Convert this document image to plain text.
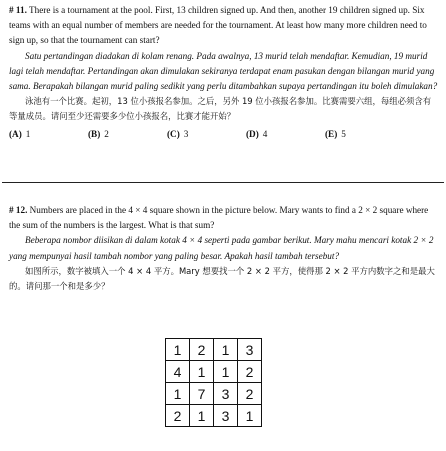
# 11. There is a tournament at the pool. First, 13 children signed up. And then, another 19 children signed up. Six teams with an equal number of members are needed for the tournament. At least how many more children need to sign up, so that the tournament can start?

Satu pertandingan diadakan di kolam renang. Pada awalnya, 13 murid telah mendaftar. Kemudian, 19 murid lagi telah mendaftar. Pertandingan akan dimulakan sekiranya terdapat enam pasukan dengan bilangan murid yang sama. Berapakah bilangan murid paling sedikit yang perlu ditambahkan supaya pertandingan itu boleh dimulakan?

泳池有一个比赛。起初，13 位小孩报名参加。之后，另外 19 位小孩报名参加。比赛需要六组，每组必须含有等量成员。请问至少还需要多少位小孩报名，比赛才能开始？

(A) 1	(B) 2	(C) 3	(D) 4	(E) 5

# 12. Numbers are placed in the 4 × 4 square shown in the picture below. Mary wants to find a 2 × 2 square where the sum of the numbers is the largest. What is that sum?

Beberapa nombor diisikan di dalam kotak 4 × 4 seperti pada gambar berikut. Mary mahu mencari kotak 2 × 2 yang mempunyai hasil tambah nombor yang paling besar. Apakah hasil tambah tersebut?

如图所示，数字被填入一个 4 × 4 平方。Mary 想要找一个 2 × 2 平方，使得那 2 × 2 平方内数字之和是最大的。请问那一个和是多少？

1	2	1	3
4	1	1	2
1	7	3	2
2	1	3	1
